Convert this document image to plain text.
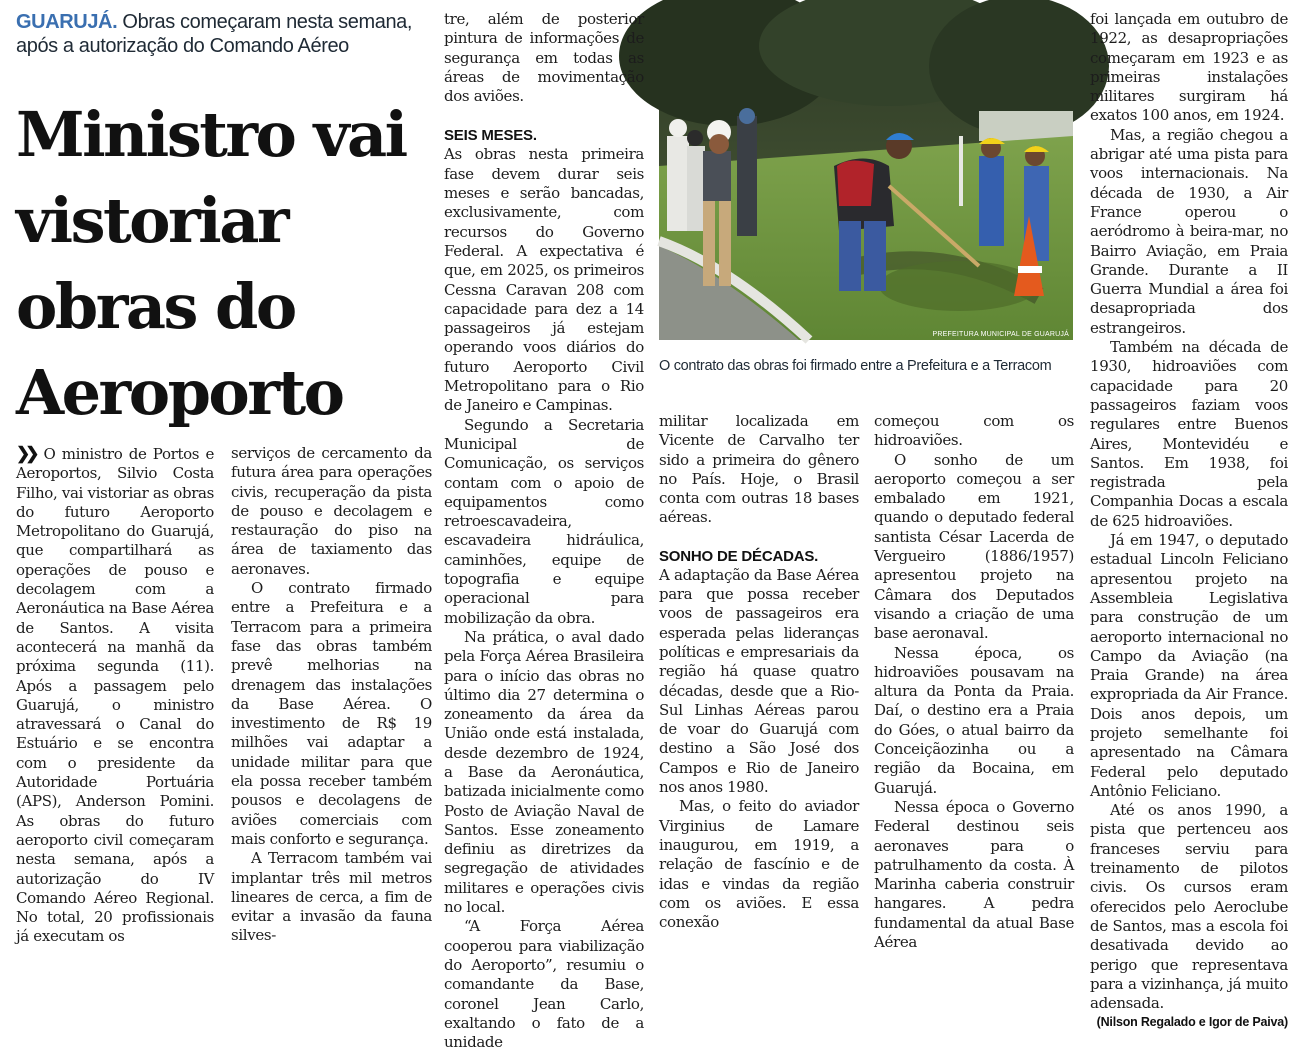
GUARUJÁ. Obras começaram nesta semana, após a autorização do Comando Aéreo
Ministro vai vistoriar obras do Aeroporto
PREFEITURA MUNICIPAL DE GUARUJÁ
O contrato das obras foi firmado entre a Prefeitura e a Terracom

❯❯ O ministro de Portos e Aeroportos, Silvio Costa Filho, vai vistoriar as obras do futuro Aeroporto Metropolitano do Guarujá, que compartilhará as operações de pouso e decolagem com a Aeronáutica na Base Aérea de Santos. A visita acontecerá na manhã da próxima segunda (11). Após a passagem pelo Guarujá, o ministro atravessará o Canal do Estuário e se encontra com o presidente da Autoridade Portuária (APS), Anderson Pomini. As obras do futuro aeroporto civil começaram nesta semana, após a autorização do IV Comando Aéreo Regional. No total, 20 profissionais já executam os

serviços de cercamento da futura área para operações civis, recuperação da pista de pouso e decolagem e restauração do piso na área de taxiamento das aeronaves.

O contrato firmado entre a Prefeitura e a Terracom para a primeira fase das obras também prevê melhorias na drenagem das instalações da Base Aérea. O investimento de R$ 19 milhões vai adaptar a unidade militar para que ela possa receber também pousos e decolagens de aviões comerciais com mais conforto e segurança.

A Terracom também vai implantar três mil metros lineares de cerca, a fim de evitar a invasão da fauna silves-

tre, além de posterior pintura de informações de segurança em todas as áreas de movimentação dos aviões.

SEIS MESES.

As obras nesta primeira fase devem durar seis meses e serão bancadas, exclusivamente, com recursos do Governo Federal. A expectativa é que, em 2025, os primeiros Cessna Caravan 208 com capacidade para dez a 14 passageiros já estejam operando voos diários do futuro Aeroporto Civil Metropolitano para o Rio de Janeiro e Campinas.

Segundo a Secretaria Municipal de Comunicação, os serviços contam com o apoio de equipamentos como retroescavadeira, escavadeira hidráulica, caminhões, equipe de topografia e equipe operacional para mobilização da obra.

Na prática, o aval dado pela Força Aérea Brasileira para o início das obras no último dia 27 determina o zoneamento da área da União onde está instalada, desde dezembro de 1924, a Base da Aeronáutica, batizada inicialmente como Posto de Aviação Naval de Santos. Esse zoneamento definiu as diretrizes da segregação de atividades militares e operações civis no local.

“A Força Aérea cooperou para viabilização do Aeroporto”, resumiu o comandante da Base, coronel Jean Carlo, exaltando o fato de a unidade

militar localizada em Vicente de Carvalho ter sido a primeira do gênero no País. Hoje, o Brasil conta com outras 18 bases aéreas.

SONHO DE DÉCADAS.

A adaptação da Base Aérea para que possa receber voos de passageiros era esperada pelas lideranças políticas e empresariais da região há quase quatro décadas, desde que a Rio-Sul Linhas Aéreas parou de voar do Guarujá com destino a São José dos Campos e Rio de Janeiro nos anos 1980.

Mas, o feito do aviador Virginius de Lamare inaugurou, em 1919, a relação de fascínio e de idas e vindas da região com os aviões. E essa conexão

começou com os hidroaviões.

O sonho de um aeroporto começou a ser embalado em 1921, quando o deputado federal santista César Lacerda de Vergueiro (1886/1957) apresentou projeto na Câmara dos Deputados visando a criação de uma base aeronaval.

Nessa época, os hidroaviões pousavam na altura da Ponta da Praia. Daí, o destino era a Praia do Góes, o atual bairro da Conceiçãozinha ou a região da Bocaina, em Guarujá.

Nessa época o Governo Federal destinou seis aeronaves para o patrulhamento da costa. À Marinha caberia construir hangares. A pedra fundamental da atual Base Aérea

foi lançada em outubro de 1922, as desapropriações começaram em 1923 e as primeiras instalações militares surgiram há exatos 100 anos, em 1924.

Mas, a região chegou a abrigar até uma pista para voos internacionais. Na década de 1930, a Air France operou o aeródromo à beira-mar, no Bairro Aviação, em Praia Grande. Durante a II Guerra Mundial a área foi desapropriada dos estrangeiros.

Também na década de 1930, hidroaviões com capacidade para 20 passageiros faziam voos regulares entre Buenos Aires, Montevidéu e Santos. Em 1938, foi registrada pela Companhia Docas a escala de 625 hidroaviões.

Já em 1947, o deputado estadual Lincoln Feliciano apresentou projeto na Assembleia Legislativa para construção de um aeroporto internacional no Campo da Aviação (na Praia Grande) na área expropriada da Air France. Dois anos depois, um projeto semelhante foi apresentado na Câmara Federal pelo deputado Antônio Feliciano.

Até os anos 1990, a pista que pertenceu aos franceses serviu para treinamento de pilotos civis. Os cursos eram oferecidos pelo Aeroclube de Santos, mas a escola foi desativada devido ao perigo que representava para a vizinhança, já muito adensada.

(Nilson Regalado e Igor de Paiva)
